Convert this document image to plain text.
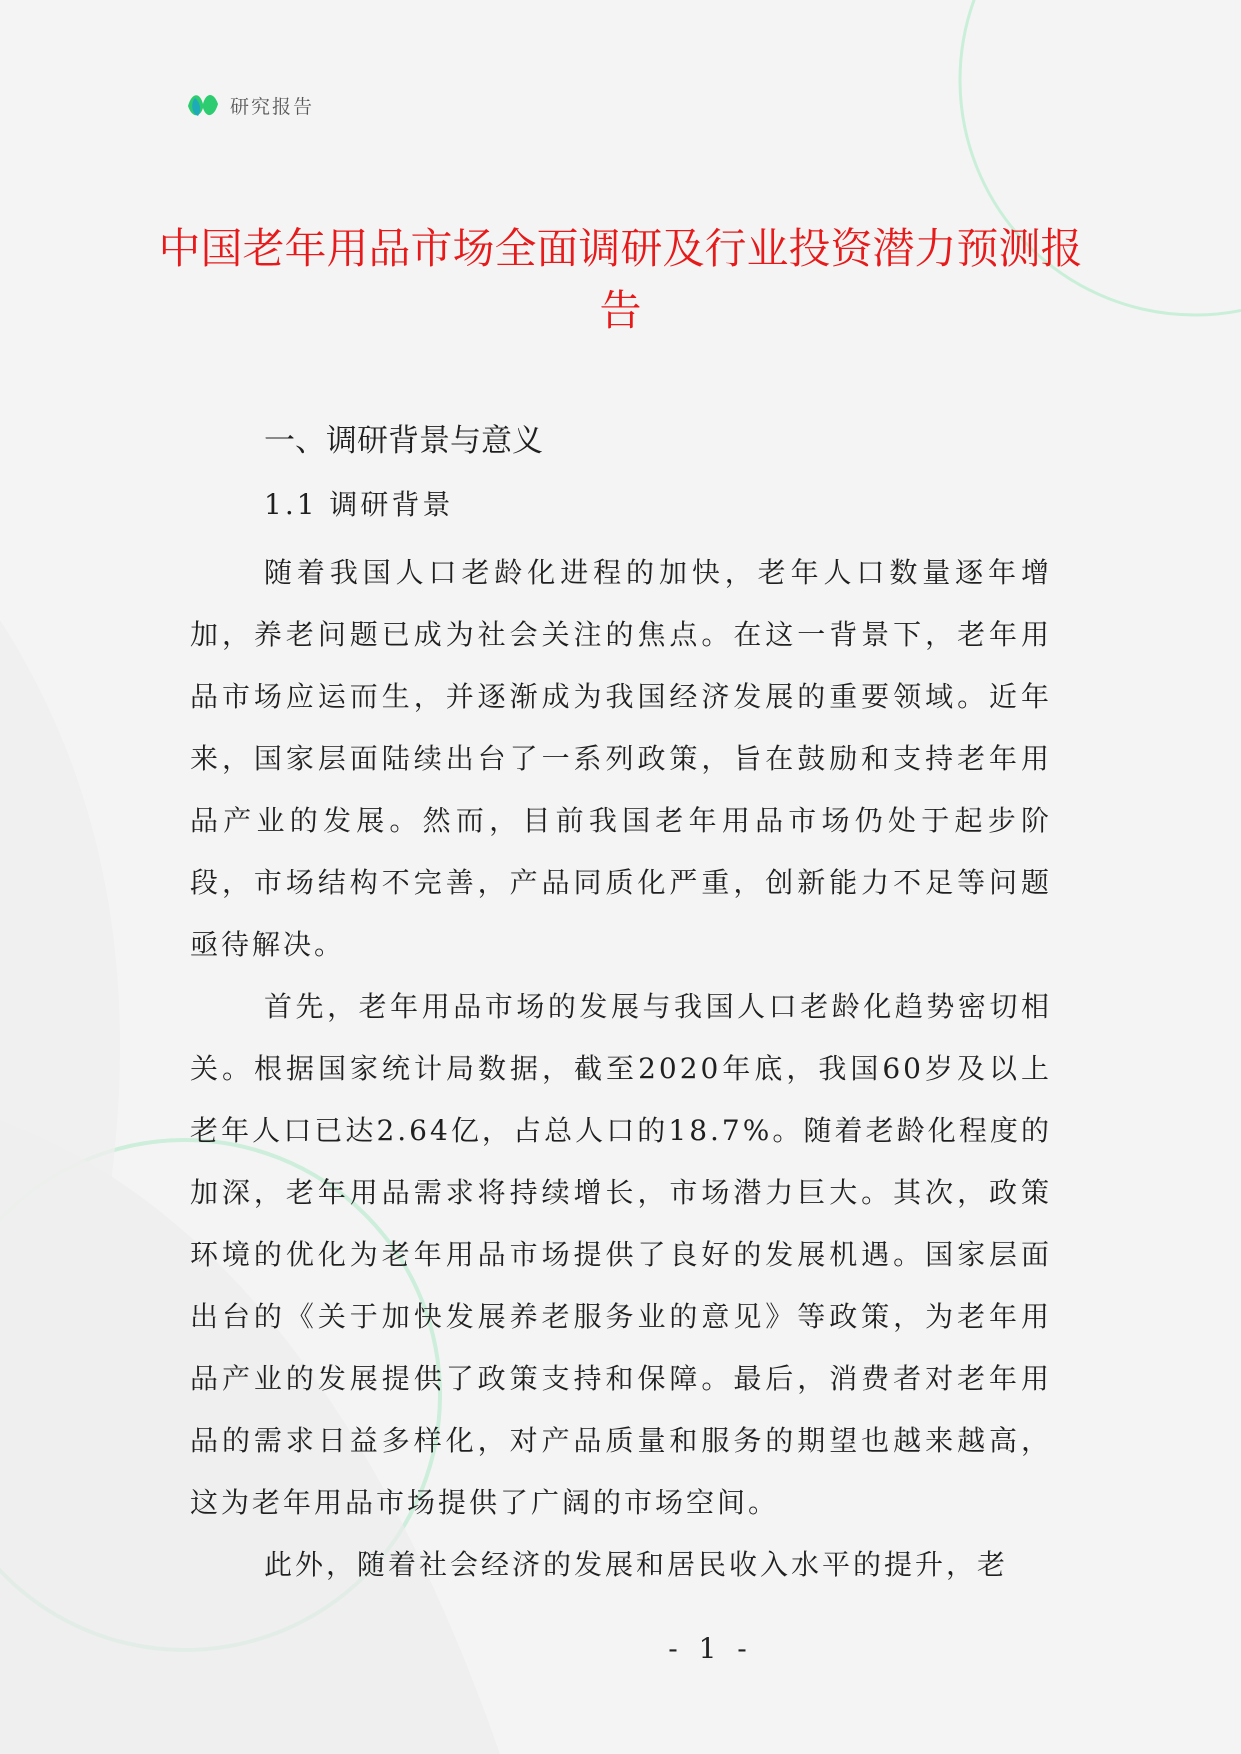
研究报告
中国老年用品市场全面调研及行业投资潜力预测报告
一、调研背景与意义
1.1 调研背景

随着我国人口老龄化进程的加快，老年人口数量逐年增加，养老问题已成为社会关注的焦点。在这一背景下，老年用品市场应运而生，并逐渐成为我国经济发展的重要领域。近年来，国家层面陆续出台了一系列政策，旨在鼓励和支持老年用品产业的发展。然而，目前我国老年用品市场仍处于起步阶段，市场结构不完善，产品同质化严重，创新能力不足等问题亟待解决。

首先，老年用品市场的发展与我国人口老龄化趋势密切相关。根据国家统计局数据，截至2020年底，我国60岁及以上老年人口已达2.64亿，占总人口的18.7%。随着老龄化程度的加深，老年用品需求将持续增长，市场潜力巨大。其次，政策环境的优化为老年用品市场提供了良好的发展机遇。国家层面出台的《关于加快发展养老服务业的意见》等政策，为老年用品产业的发展提供了政策支持和保障。最后，消费者对老年用品的需求日益多样化，对产品质量和服务的期望也越来越高，这为老年用品市场提供了广阔的市场空间。

此外，随着社会经济的发展和居民收入水平的提升，老

- 1 -
